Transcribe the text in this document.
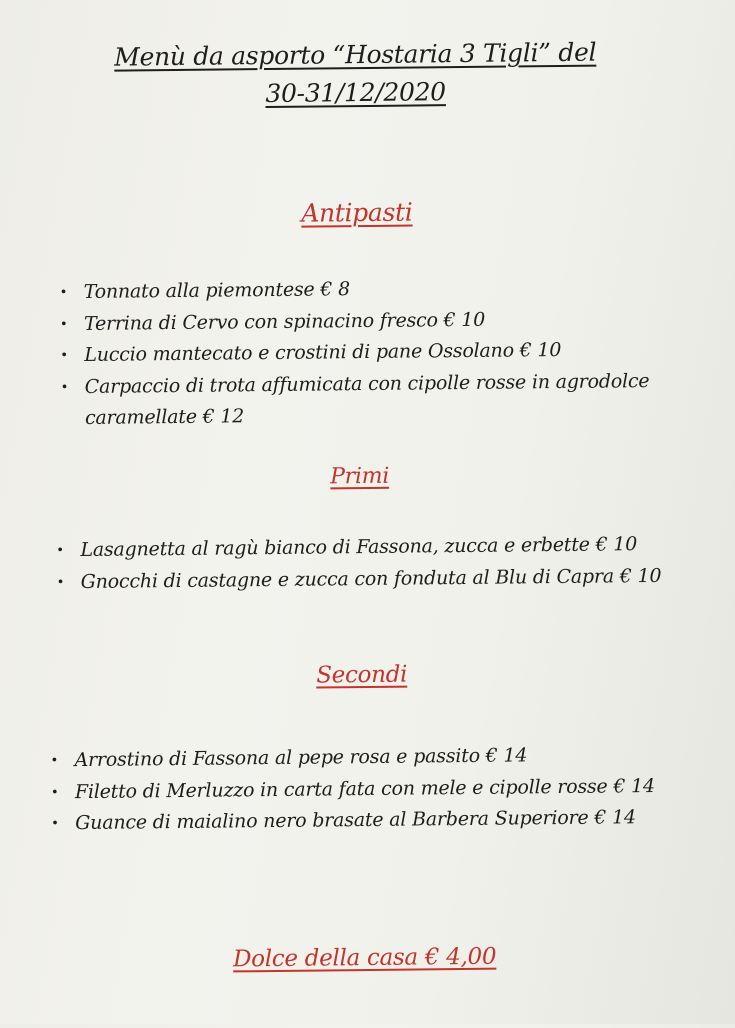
Menù da asporto “Hostaria 3 Tigli” del
30-31/12/2020
Antipasti
•
Tonnato alla piemontese € 8
•
Terrina di Cervo con spinacino fresco € 10
•
Luccio mantecato e crostini di pane Ossolano € 10
•
Carpaccio di trota affumicata con cipolle rosse in agrodolce caramellate € 12
Primi
•
Lasagnetta al ragù bianco di Fassona, zucca e erbette € 10
•
Gnocchi di castagne e zucca con fonduta al Blu di Capra € 10
Secondi
•
Arrostino di Fassona al pepe rosa e passito € 14
•
Filetto di Merluzzo in carta fata con mele e cipolle rosse € 14
•
Guance di maialino nero brasate al Barbera Superiore € 14
Dolce della casa € 4,00
